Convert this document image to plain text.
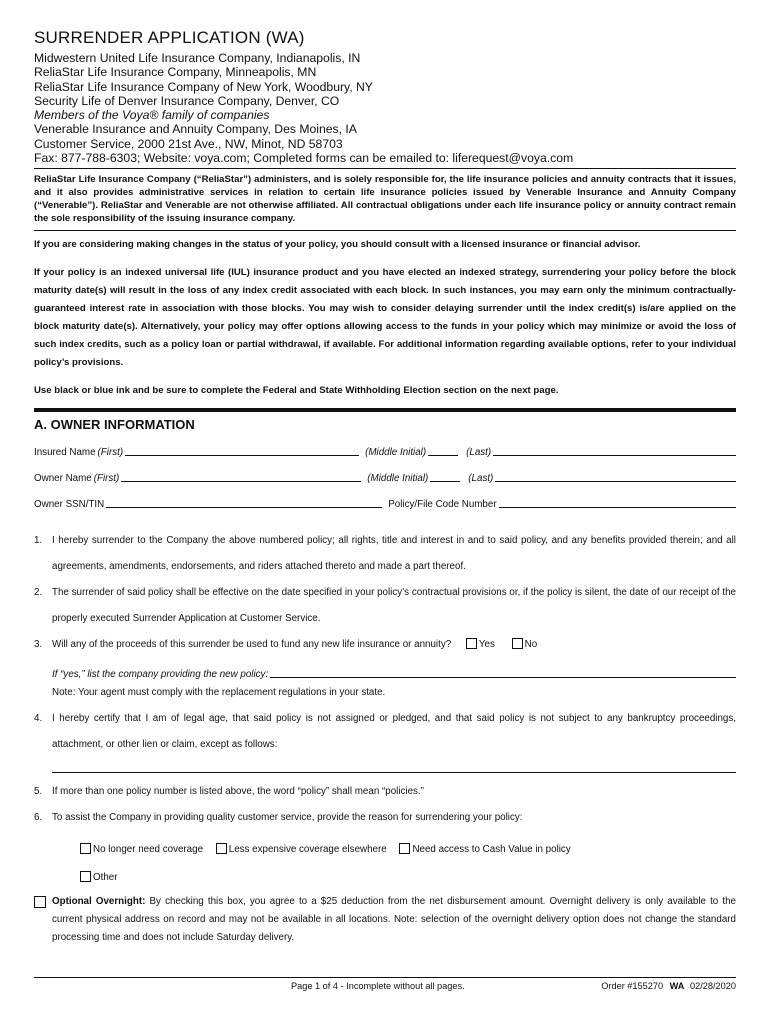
SURRENDER APPLICATION (WA)
Midwestern United Life Insurance Company, Indianapolis, IN
ReliaStar Life Insurance Company, Minneapolis, MN
ReliaStar Life Insurance Company of New York, Woodbury, NY
Security Life of Denver Insurance Company, Denver, CO
Members of the Voya® family of companies
Venerable Insurance and Annuity Company, Des Moines, IA
Customer Service, 2000 21st Ave., NW, Minot, ND 58703
Fax: 877-788-6303; Website: voya.com; Completed forms can be emailed to: liferequest@voya.com
ReliaStar Life Insurance Company (“ReliaStar”) administers, and is solely responsible for, the life insurance policies and annuity contracts that it issues, and it also provides administrative services in relation to certain life insurance policies issued by Venerable Insurance and Annuity Company (“Venerable”). ReliaStar and Venerable are not otherwise affiliated. All contractual obligations under each life insurance policy or annuity contract remain the sole responsibility of the issuing insurance company.

If you are considering making changes in the status of your policy, you should consult with a licensed insurance or financial advisor.

If your policy is an indexed universal life (IUL) insurance product and you have elected an indexed strategy, surrendering your policy before the block maturity date(s) will result in the loss of any index credit associated with each block. In such instances, you may earn only the minimum contractually-guaranteed interest rate in association with those blocks. You may wish to consider delaying surrender until the index credit(s) is/are applied on the block maturity date(s). Alternatively, your policy may offer options allowing access to the funds in your policy which may minimize or avoid the loss of such index credits, such as a policy loan or partial withdrawal, if available. For additional information regarding available options, refer to your individual policy’s provisions.

Use black or blue ink and be sure to complete the Federal and State Withholding Election section on the next page.

A. OWNER INFORMATION
Insured Name (First)	(Middle Initial)	(Last)
Owner Name (First)	(Middle Initial)	(Last)
Owner SSN/TIN	Policy/File Code Number
1. I hereby surrender to the Company the above numbered policy; all rights, title and interest in and to said policy, and any benefits provided therein; and all agreements, amendments, endorsements, and riders attached thereto and made a part thereof.
2. The surrender of said policy shall be effective on the date specified in your policy’s contractual provisions or, if the policy is silent, the date of our receipt of the properly executed Surrender Application at Customer Service.
3. Will any of the proceeds of this surrender be used to fund any new life insurance or annuity?	Yes	No
If “yes,” list the company providing the new policy:
Note: Your agent must comply with the replacement regulations in your state.
4. I hereby certify that I am of legal age, that said policy is not assigned or pledged, and that said policy is not subject to any bankruptcy proceedings, attachment, or other lien or claim, except as follows:
5. If more than one policy number is listed above, the word “policy” shall mean “policies.”
6. To assist the Company in providing quality customer service, provide the reason for surrendering your policy:
No longer need coverage	Less expensive coverage elsewhere	Need access to Cash Value in policy
Other
Optional Overnight: By checking this box, you agree to a $25 deduction from the net disbursement amount. Overnight delivery is only available to the current physical address on record and may not be available in all locations. Note: selection of the overnight delivery option does not change the standard processing time and does not include Saturday delivery.
Page 1 of 4 - Incomplete without all pages.	Order #155270 WA 02/28/2020
